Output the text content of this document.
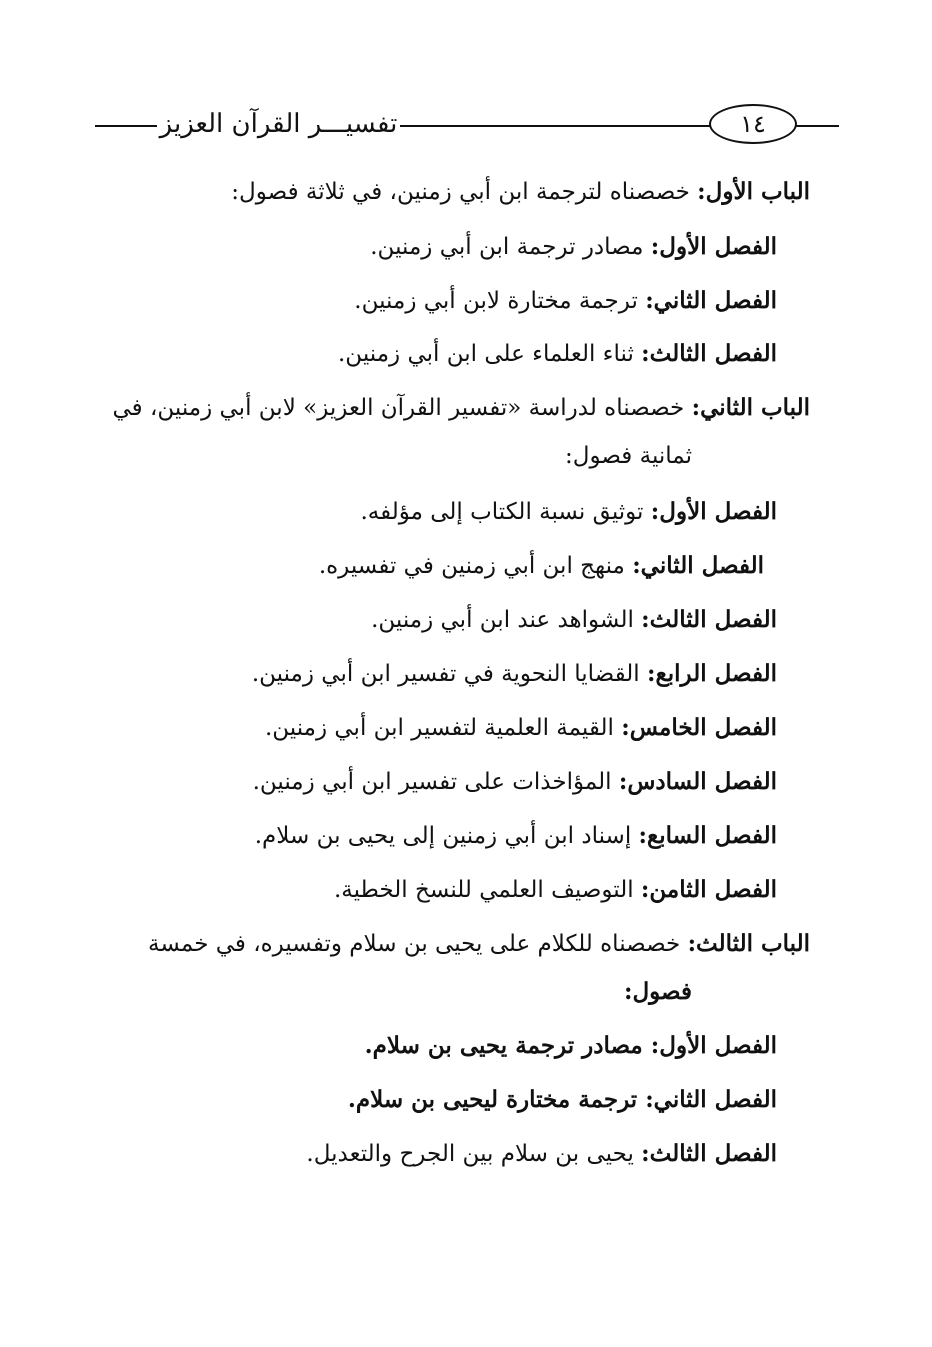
تفسيـــر القرآن العزيز	١٤
الباب الأول: خصصناه لترجمة ابن أبي زمنين، في ثلاثة فصول:
الفصل الأول: مصادر ترجمة ابن أبي زمنين.
الفصل الثاني: ترجمة مختارة لابن أبي زمنين.
الفصل الثالث: ثناء العلماء على ابن أبي زمنين.
الباب الثاني: خصصناه لدراسة «تفسير القرآن العزيز» لابن أبي زمنين، في
ثمانية فصول:
الفصل الأول: توثيق نسبة الكتاب إلى مؤلفه.
الفصل الثاني: منهج ابن أبي زمنين في تفسيره.
الفصل الثالث: الشواهد عند ابن أبي زمنين.
الفصل الرابع: القضايا النحوية في تفسير ابن أبي زمنين.
الفصل الخامس: القيمة العلمية لتفسير ابن أبي زمنين.
الفصل السادس: المؤاخذات على تفسير ابن أبي زمنين.
الفصل السابع: إسناد ابن أبي زمنين إلى يحيى بن سلام.
الفصل الثامن: التوصيف العلمي للنسخ الخطية.
الباب الثالث: خصصناه للكلام على يحيى بن سلام وتفسيره، في خمسة
فصول:
الفصل الأول: مصادر ترجمة يحيى بن سلام.
الفصل الثاني: ترجمة مختارة ليحيى بن سلام.
الفصل الثالث: يحيى بن سلام بين الجرح والتعديل.
